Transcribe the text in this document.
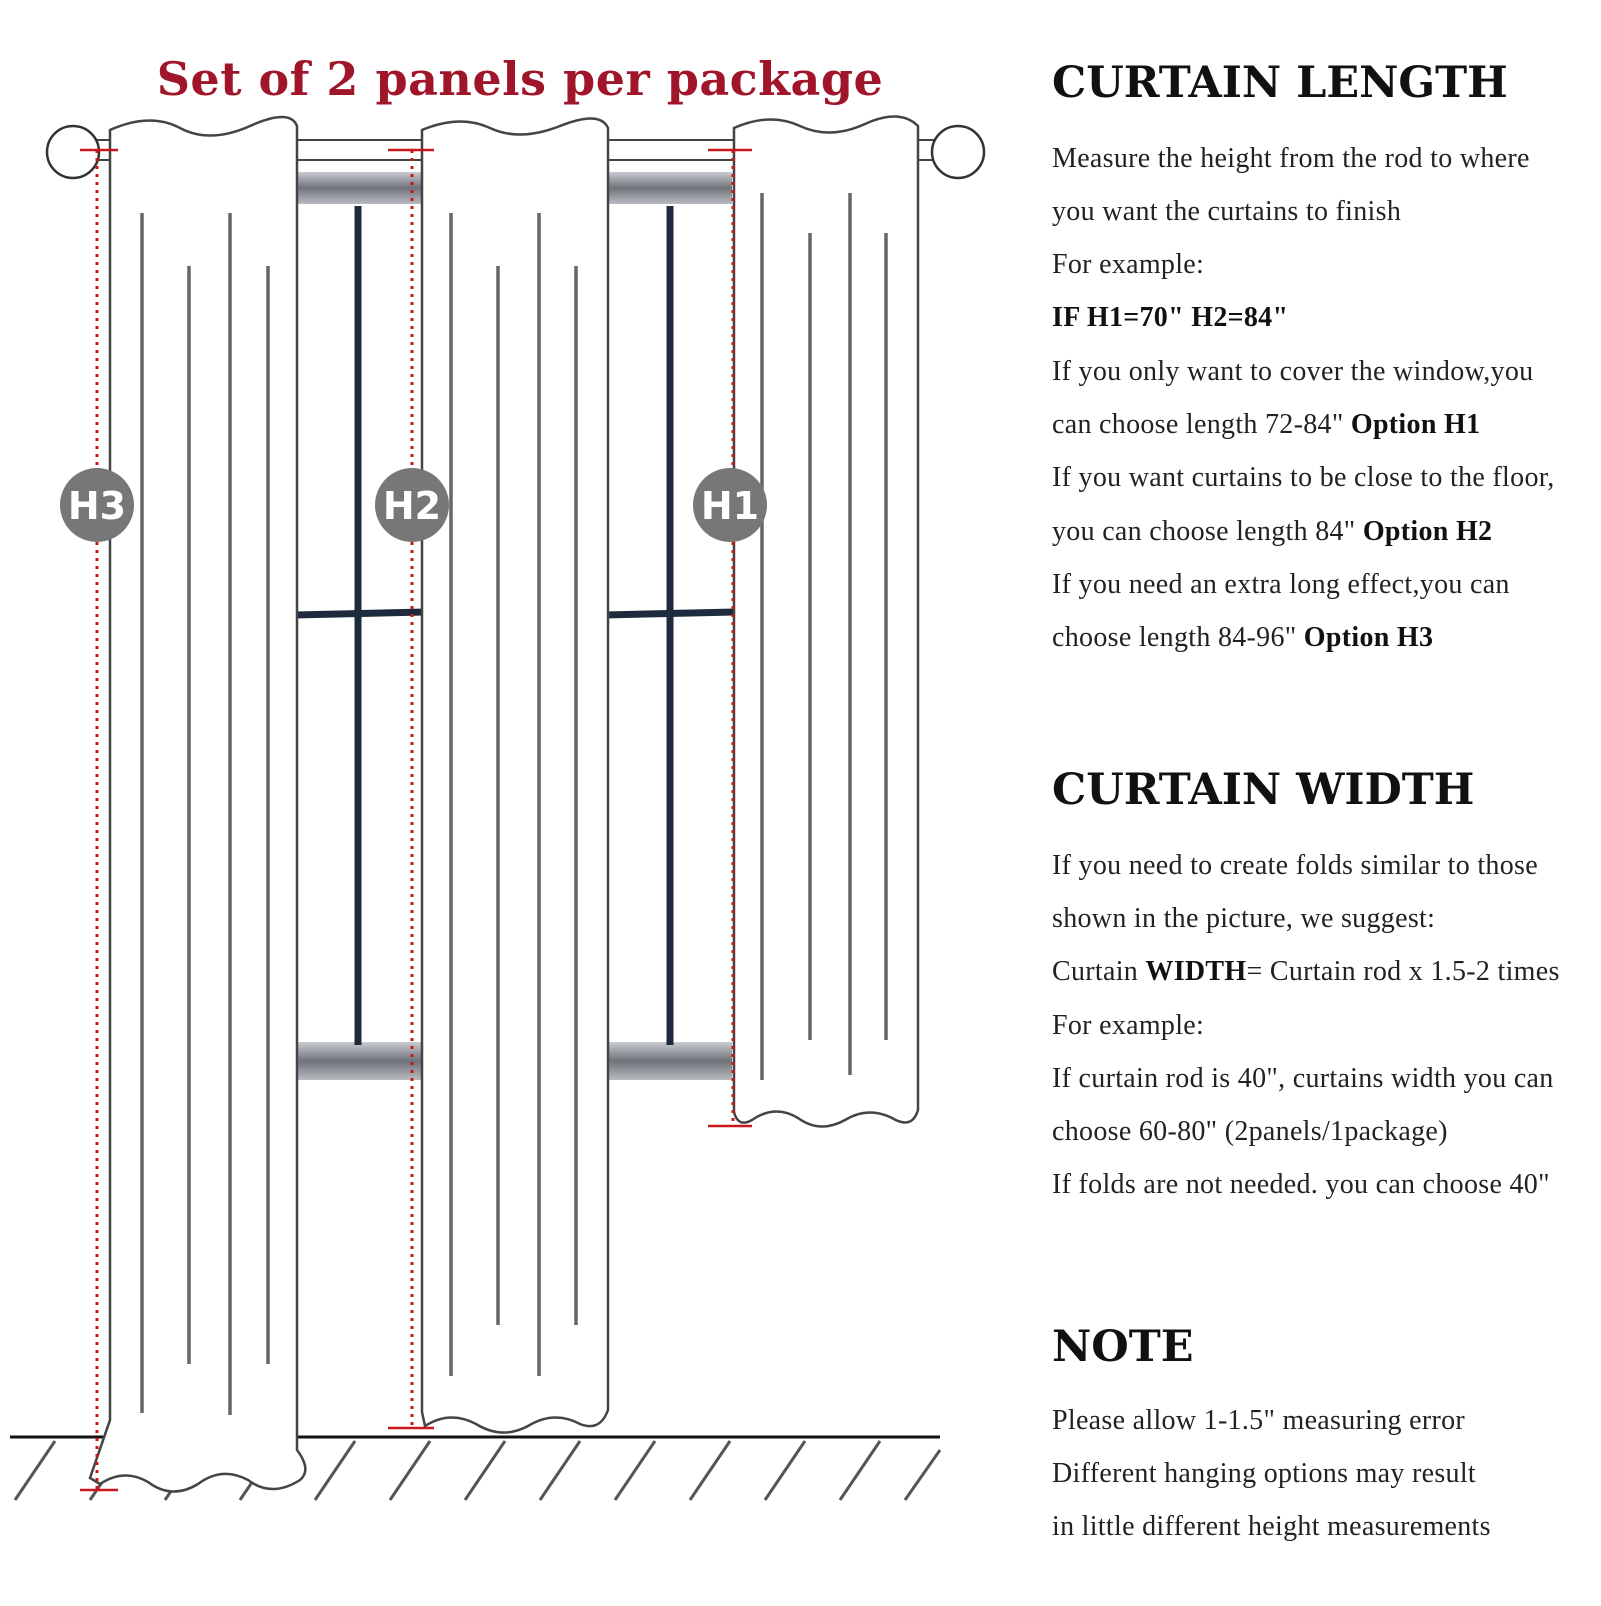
Set of 2 panels per package
H3	H2	H1
CURTAIN LENGTH

Measure the height from the rod to where

you want the curtains to finish

For example:

IF H1=70" H2=84"

If you only want to cover the window,you

can choose length 72-84" Option H1

If you want curtains to be close to the floor,

you can choose length 84" Option H2

If you need an extra long effect,you can

choose length 84-96" Option H3

CURTAIN WIDTH

If you need to create folds similar to those

shown in the picture, we suggest:

Curtain WIDTH= Curtain rod x 1.5-2 times

For example:

If curtain rod is 40", curtains width you can

choose 60-80" (2panels/1package)

If folds are not needed. you can choose 40"

NOTE

Please allow 1-1.5" measuring error

Different hanging options may result

in little different height measurements
